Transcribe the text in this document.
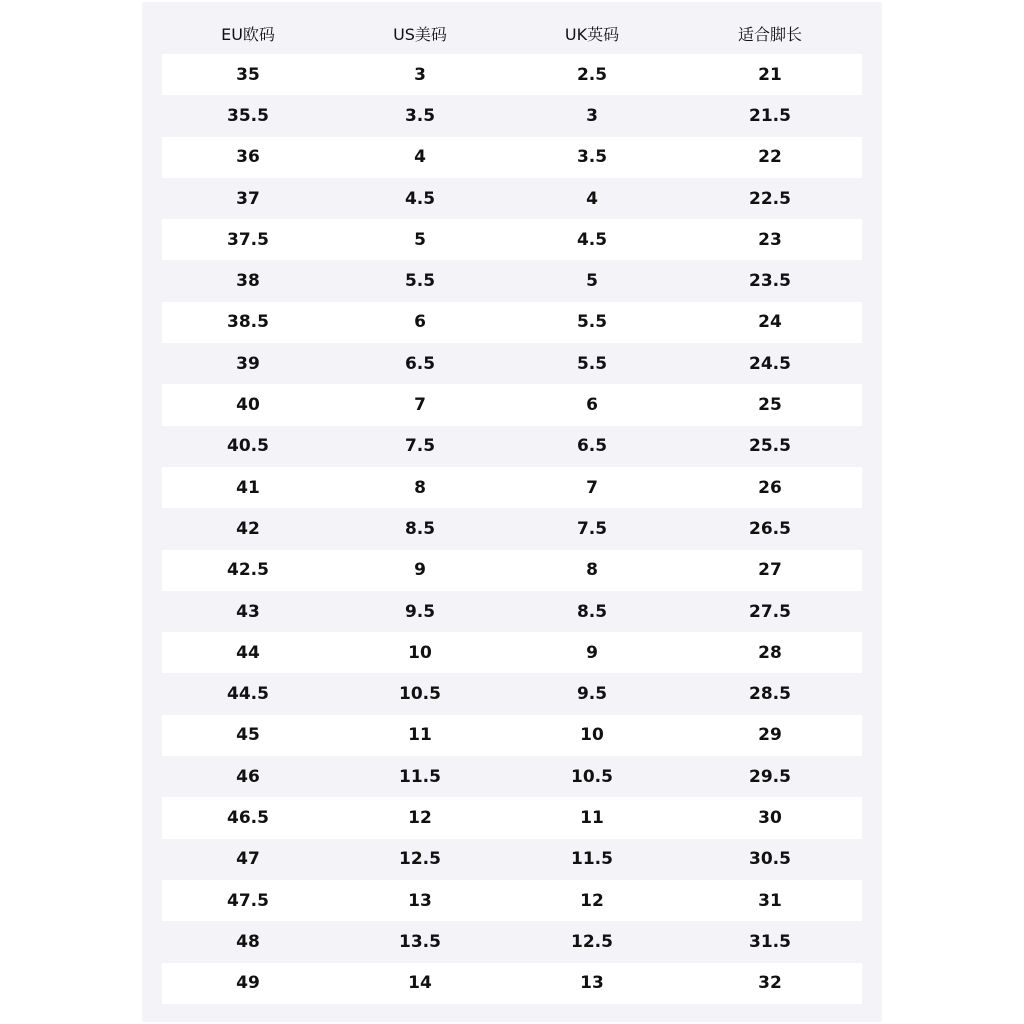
EU欧码	US美码	UK英码	适合脚长
35	3	2.5	21
35.5	3.5	3	21.5
36	4	3.5	22
37	4.5	4	22.5
37.5	5	4.5	23
38	5.5	5	23.5
38.5	6	5.5	24
39	6.5	5.5	24.5
40	7	6	25
40.5	7.5	6.5	25.5
41	8	7	26
42	8.5	7.5	26.5
42.5	9	8	27
43	9.5	8.5	27.5
44	10	9	28
44.5	10.5	9.5	28.5
45	11	10	29
46	11.5	10.5	29.5
46.5	12	11	30
47	12.5	11.5	30.5
47.5	13	12	31
48	13.5	12.5	31.5
49	14	13	32
